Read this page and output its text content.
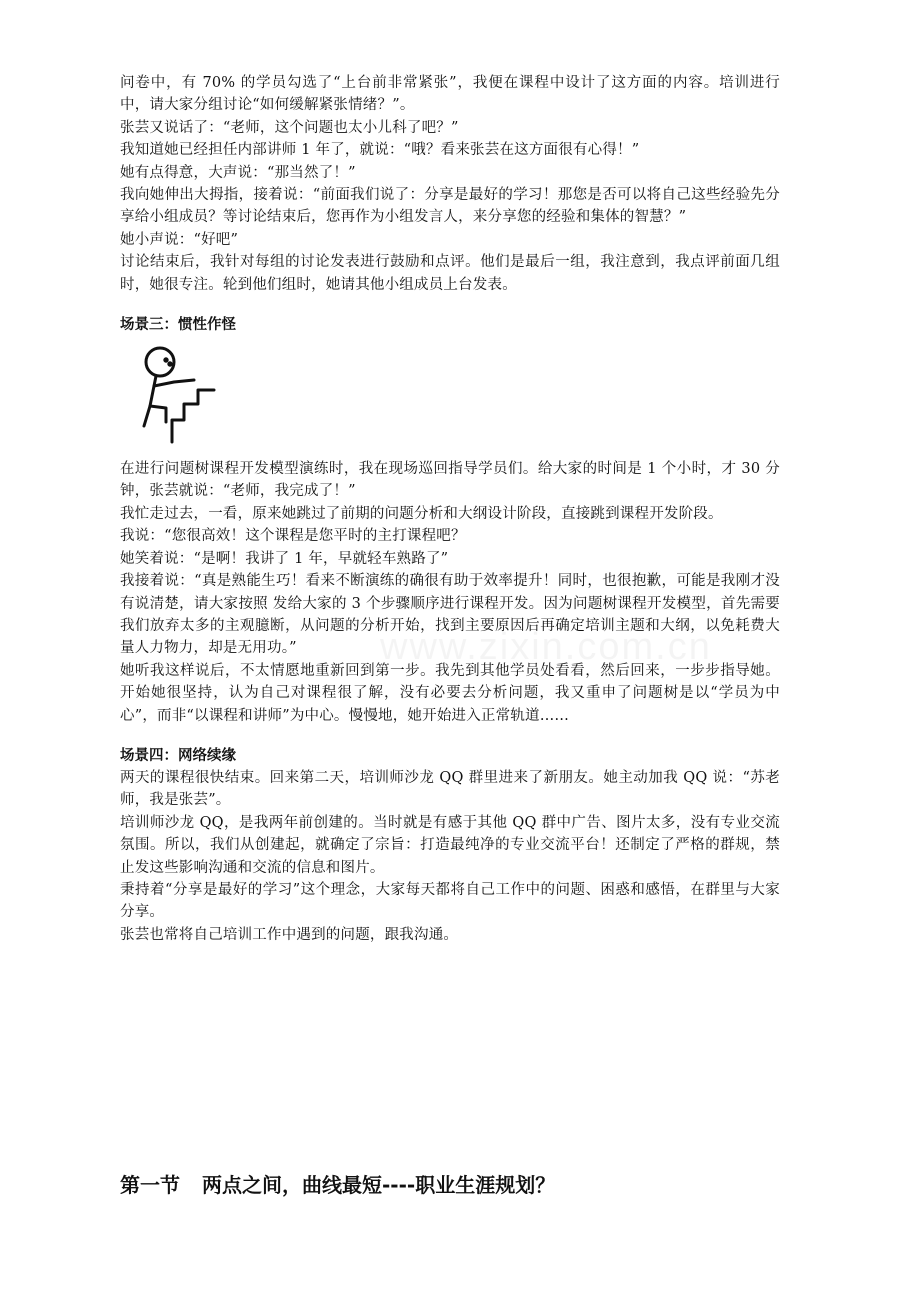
问卷中，有 70% 的学员勾选了“上台前非常紧张”，我便在课程中设计了这方面的内容。培训进行中，请大家分组讨论“如何缓解紧张情绪？”。

张芸又说话了：“老师，这个问题也太小儿科了吧？”

我知道她已经担任内部讲师 1 年了，就说：“哦？看来张芸在这方面很有心得！”

她有点得意，大声说：“那当然了！”

我向她伸出大拇指，接着说：“前面我们说了：分享是最好的学习！那您是否可以将自己这些经验先分享给小组成员？等讨论结束后，您再作为小组发言人，来分享您的经验和集体的智慧？”

她小声说：“好吧”

讨论结束后，我针对每组的讨论发表进行鼓励和点评。他们是最后一组，我注意到，我点评前面几组时，她很专注。轮到他们组时，她请其他小组成员上台发表。

场景三：惯性作怪

在进行问题树课程开发模型演练时，我在现场巡回指导学员们。给大家的时间是 1 个小时，才 30 分钟，张芸就说：“老师，我完成了！”

我忙走过去，一看，原来她跳过了前期的问题分析和大纲设计阶段，直接跳到课程开发阶段。

我说：“您很高效！这个课程是您平时的主打课程吧？

她笑着说：“是啊！我讲了 1 年，早就轻车熟路了”

我接着说：“真是熟能生巧！看来不断演练的确很有助于效率提升！同时，也很抱歉，可能是我刚才没有说清楚，请大家按照 发给大家的 3 个步骤顺序进行课程开发。因为问题树课程开发模型，首先需要我们放弃太多的主观臆断，从问题的分析开始，找到主要原因后再确定培训主题和大纲，以免耗费大量人力物力，却是无用功。”

她听我这样说后，不太情愿地重新回到第一步。我先到其他学员处看看，然后回来，一步步指导她。开始她很坚持，认为自己对课程很了解，没有必要去分析问题，我又重申了问题树是以“学员为中心”，而非“以课程和讲师”为中心。慢慢地，她开始进入正常轨道……

场景四：网络续缘

两天的课程很快结束。回来第二天，培训师沙龙 QQ 群里进来了新朋友。她主动加我 QQ 说：“苏老师，我是张芸”。

培训师沙龙 QQ，是我两年前创建的。当时就是有感于其他 QQ 群中广告、图片太多，没有专业交流氛围。所以，我们从创建起，就确定了宗旨：打造最纯净的专业交流平台！还制定了严格的群规，禁止发这些影响沟通和交流的信息和图片。

秉持着“分享是最好的学习”这个理念，大家每天都将自己工作中的问题、困惑和感悟，在群里与大家分享。

张芸也常将自己培训工作中遇到的问题，跟我沟通。

第一节 两点之间，曲线最短----职业生涯规划？
